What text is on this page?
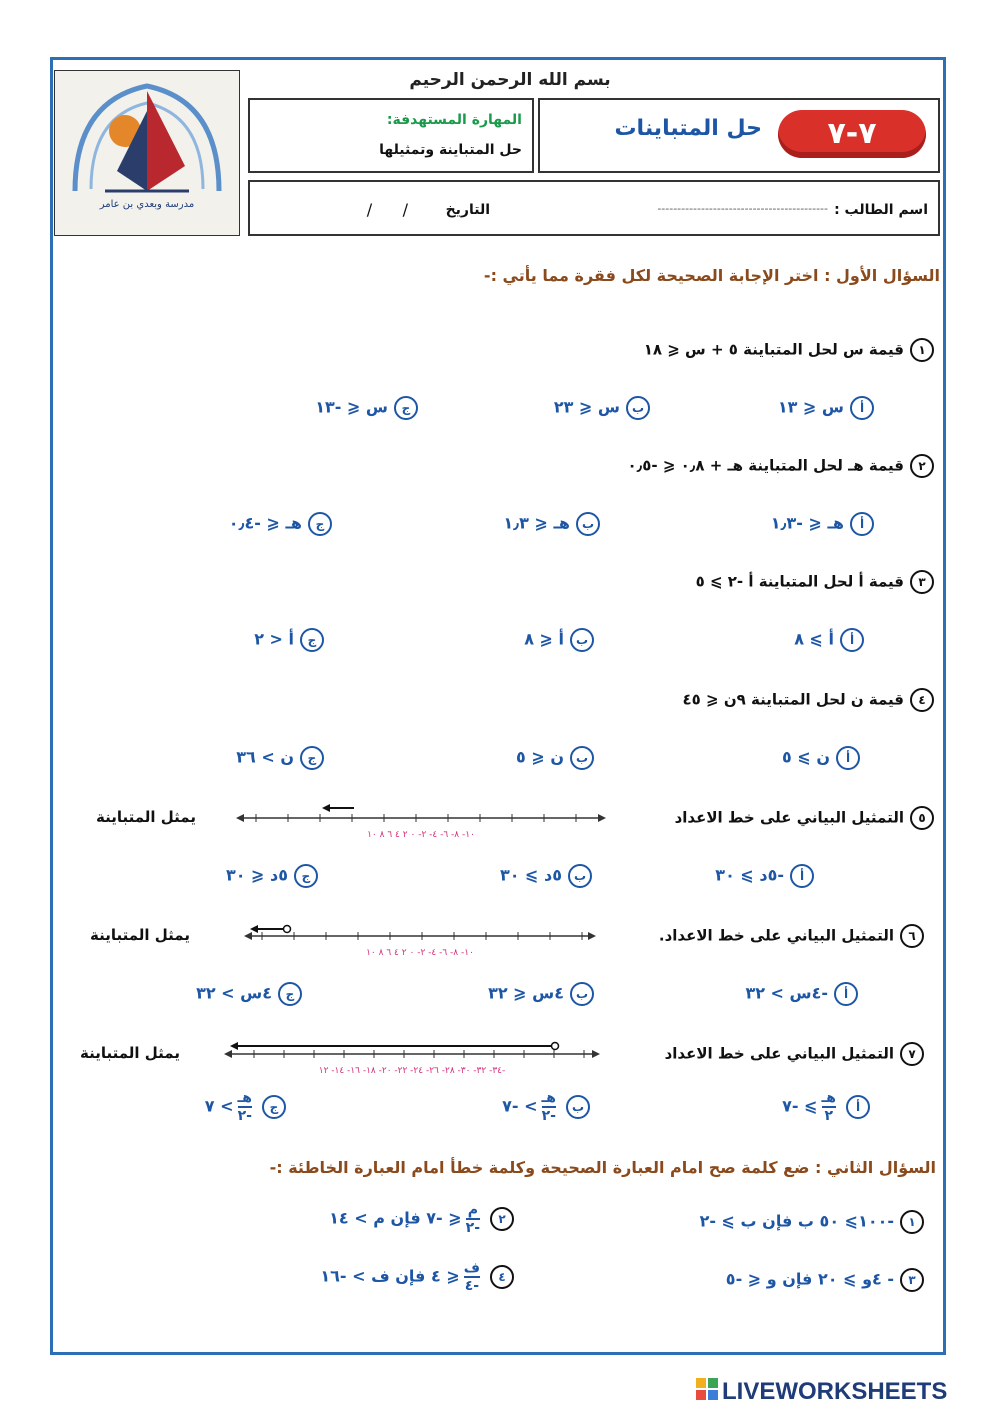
مدرسة وبعدي بن عامر
بسم الله الرحمن الرحيم
المهارة المستهدفة:
حل المتباينة وتمثيلها	٧-٧
حل المتباينات
اسم الطالب :
-------------------------------------------
التاريخ
/      /
السؤال الأول : اختر الإجابة الصحيحة لكل فقرة مما يأتي :-
١قيمة س لحل المتباينة ٥ + س ⩽ ١٨
أس ⩽ ١٣
بس ⩽ ٢٣
جس ⩽ -١٣
٢قيمة هـ لحل المتباينة هـ + ٠٫٨ ⩽ -٠٫٥
أهـ ⩽ -١٫٣
بهـ ⩽ ١٫٣
جهـ ⩽ -٠٫٤
٣قيمة أ لحل المتباينة أ -٢ ⩾ ٥
أأ ⩾ ٨
بأ ⩽ ٨
جأ < ٢
٤قيمة ن لحل المتباينة ٩ن ⩽ ٤٥
أن ⩾ ٥
بن ⩽ ٥
جن > ٣٦
٥التمثيل البياني على خط الاعداد
يمثل المتباينة
١٠- ٨- ٦- ٤- ٢- ٠ ٢ ٤ ٦ ٨ ١٠
أ-٥د ⩾ ٣٠
ب٥د ⩾ ٣٠
ج٥د ⩽ ٣٠
٦التمثيل البياني على خط الاعداد.
يمثل المتباينة
١٠- ٨- ٦- ٤- ٢- ٠ ٢ ٤ ٦ ٨ ١٠
أ-٤س > ٣٢
ب٤س ⩽ ٣٢
ج٤س > ٣٢
٧التمثيل البياني على خط الاعداد
يمثل المتباينة
٣٤- ٣٢- ٣٠- ٢٨- ٢٦- ٢٤- ٢٢- ٢٠- ١٨- ١٦- ١٤- ١٢-
أ
$\frac{\text{هـ}}{٢}$
⩾ -٧
ب
$\frac{\text{هـ}}{-٢}$
> -٧
ج
$\frac{\text{هـ}}{-٢}$
> ٧
السؤال الثاني : ضع كلمة صح امام العبارة الصحيحة وكلمة خطأ امام العبارة الخاطئة :-
١-١٠٠⩾ ٥٠ ب فإن ب ⩾ -٢
٢
$\frac{\text{م}}{-٢}$
⩽ -٧ فإن م > ١٤
٣- ٤و ⩾ ٢٠ فإن و ⩽ -٥
٤
$\frac{\text{ف}}{-٤}$
⩽ ٤ فإن ف > -١٦
LIVEWORKSHEETS
